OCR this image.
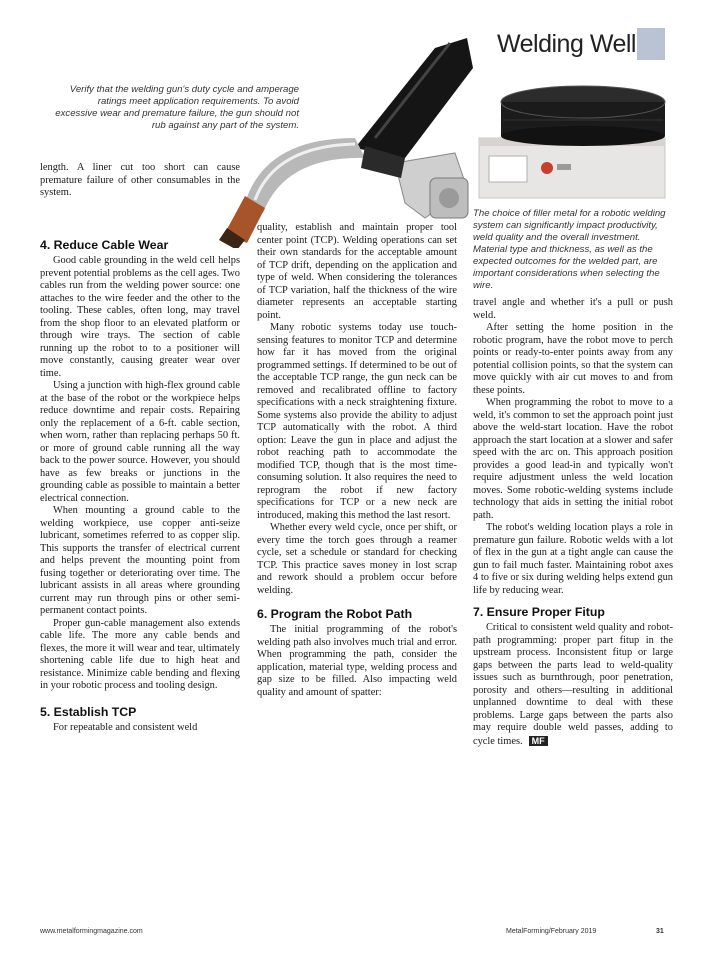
Welding Well
Verify that the welding gun's duty cycle and amperage ratings meet application requirements. To avoid excessive wear and premature failure, the gun should not rub against any part of the system.
The choice of filler metal for a robotic welding system can significantly impact productivity, weld quality and the overall investment. Material type and thickness, as well as the expected outcomes for the welded part, are important considerations when selecting the wire.

length. A liner cut too short can cause premature failure of other consumables in the system.

4. Reduce Cable Wear

Good cable grounding in the weld cell helps prevent potential problems as the cell ages. Two cables run from the welding power source: one attaches to the wire feeder and the other to the tooling. These cables, often long, may travel from the shop floor to an elevated platform or through wire trays. The section of cable running up the robot to to a positioner will move constantly, causing greater wear over time.

Using a junction with high-flex ground cable at the base of the robot or the workpiece helps reduce downtime and repair costs. Repairing only the replacement of a 6-ft. cable section, when worn, rather than replacing perhaps 50 ft. or more of ground cable running all the way back to the power source. However, you should have as few breaks or junctions in the grounding cable as possible to maintain a better electrical connection.

When mounting a ground cable to the welding workpiece, use copper anti-seize lubricant, sometimes referred to as copper slip. This supports the transfer of electrical current and helps prevent the mounting point from fusing together or deteriorating over time. The lubricant assists in all areas where grounding current may run through pins or other semi-permanent contact points.

Proper gun-cable management also extends cable life. The more any cable bends and flexes, the more it will wear and tear, ultimately shortening cable life due to high heat and resistance. Minimize cable bending and flexing in your robotic process and tooling design.

5. Establish TCP

For repeatable and consistent weld

quality, establish and maintain proper tool center point (TCP). Welding operations can set their own standards for the acceptable amount of TCP drift, depending on the application and type of weld. When considering the tolerances of TCP variation, half the thickness of the wire diameter represents an acceptable starting point.

Many robotic systems today use touch-sensing features to monitor TCP and determine how far it has moved from the original programmed settings. If determined to be out of the acceptable TCP range, the gun neck can be removed and recalibrated offline to factory specifications with a neck straightening fixture. Some systems also provide the ability to adjust TCP automatically with the robot. A third option: Leave the gun in place and adjust the robot reaching path to accommodate the modified TCP, though that is the most time-consuming solution. It also requires the need to reprogram the robot if new factory specifications for TCP or a new neck are introduced, making this method the last resort.

Whether every weld cycle, once per shift, or every time the torch goes through a reamer cycle, set a schedule or standard for checking TCP. This practice saves money in lost scrap and rework should a problem occur before welding.

6. Program the Robot Path

The initial programming of the robot's welding path also involves much trial and error. When programming the path, consider the application, material type, welding process and gap size to be filled. Also impacting weld quality and amount of spatter:

travel angle and whether it's a pull or push weld.

After setting the home position in the robotic program, have the robot move to perch points or ready-to-enter points away from any potential collision points, so that the system can move quickly with air cut moves to and from these points.

When programming the robot to move to a weld, it's common to set the approach point just above the weld-start location. Have the robot approach the start location at a slower and safer speed with the arc on. This approach position provides a good lead-in and typically won't require adjustment unless the weld location moves. Some robotic-welding systems include technology that aids in setting the initial robot path.

The robot's welding location plays a role in premature gun failure. Robotic welds with a lot of flex in the gun at a tight angle can cause the gun to fail much faster. Maintaining robot axes 4 to five or six during welding helps extend gun life by reducing wear.

7. Ensure Proper Fitup

Critical to consistent weld quality and robot-path programming: proper part fitup in the upstream process. Inconsistent fitup or large gaps between the parts lead to weld-quality issues such as burnthrough, poor penetration, porosity and others—resulting in additional unplanned downtime to deal with these problems. Large gaps between the parts also may require double weld passes, adding to cycle times. MF

www.metalformingmagazine.com	MetalForming/February 2019	31
